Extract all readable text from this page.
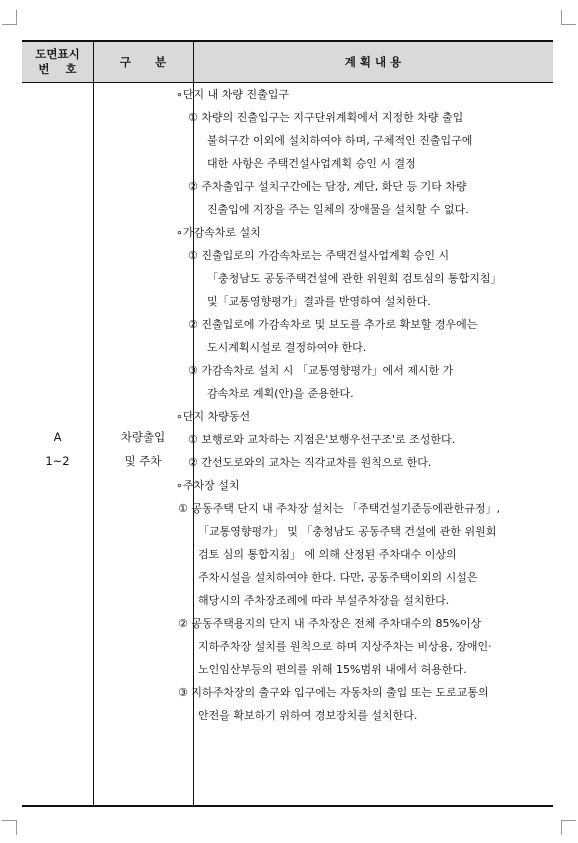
도면표시
번    호	구      분	계 획 내 용
A
1~2
차량출입
및 주차
∘단지 내 차량 진출입구
① 차량의 진출입구는 지구단위계획에서 지정한 차량 출입
불허구간 이외에 설치하여야 하며, 구체적인 진출입구에
대한 사항은 주택건설사업계획 승인 시 결정
② 주차출입구 설치구간에는 담장, 계단, 화단 등 기타 차량
진출입에 지장을 주는 일체의 장애물을 설치할 수 없다.
∘가감속차로 설치
① 진출입로의 가감속차로는 주택건설사업계획 승인 시
「충청남도 공동주택건설에 관한 위원회 검토심의 통합지침」
및「교통영향평가」결과를 반영하여 설치한다.
② 진출입로에 가감속차로 및 보도를 추가로 확보할 경우에는
도시계획시설로 결정하여야 한다.
③ 가감속차로 설치 시 「교통영향평가」에서 제시한 가
감속차로 계획(안)을 준용한다.
∘단지 차량동선
① 보행로와 교차하는 지점은'보행우선구조'로 조성한다.
② 간선도로와의 교차는 직각교차를 원칙으로 한다.
∘주차장 설치
① 공동주택 단지 내 주차장 설치는 「주택건설기준등에관한규정」,
「교통영향평가」 및 「충청남도 공동주택 건설에 관한 위원회
검토 심의 통합지침」 에 의해 산정된 주차대수 이상의
주차시설을 설치하여야 한다. 다만, 공동주택이외의 시설은
해당시의 주차장조례에 따라 부설주차장을 설치한다.
② 공동주택용지의 단지 내 주차장은 전체 주차대수의 85%이상
지하주차장 설치를 원칙으로 하며 지상주차는 비상용, 장애인·
노인임산부등의 편의를 위해 15%범위 내에서 허용한다.
③ 지하주차장의 출구와 입구에는 자동차의 출입 또는 도로교통의
안전을 확보하기 위하여 경보장치를 설치한다.
